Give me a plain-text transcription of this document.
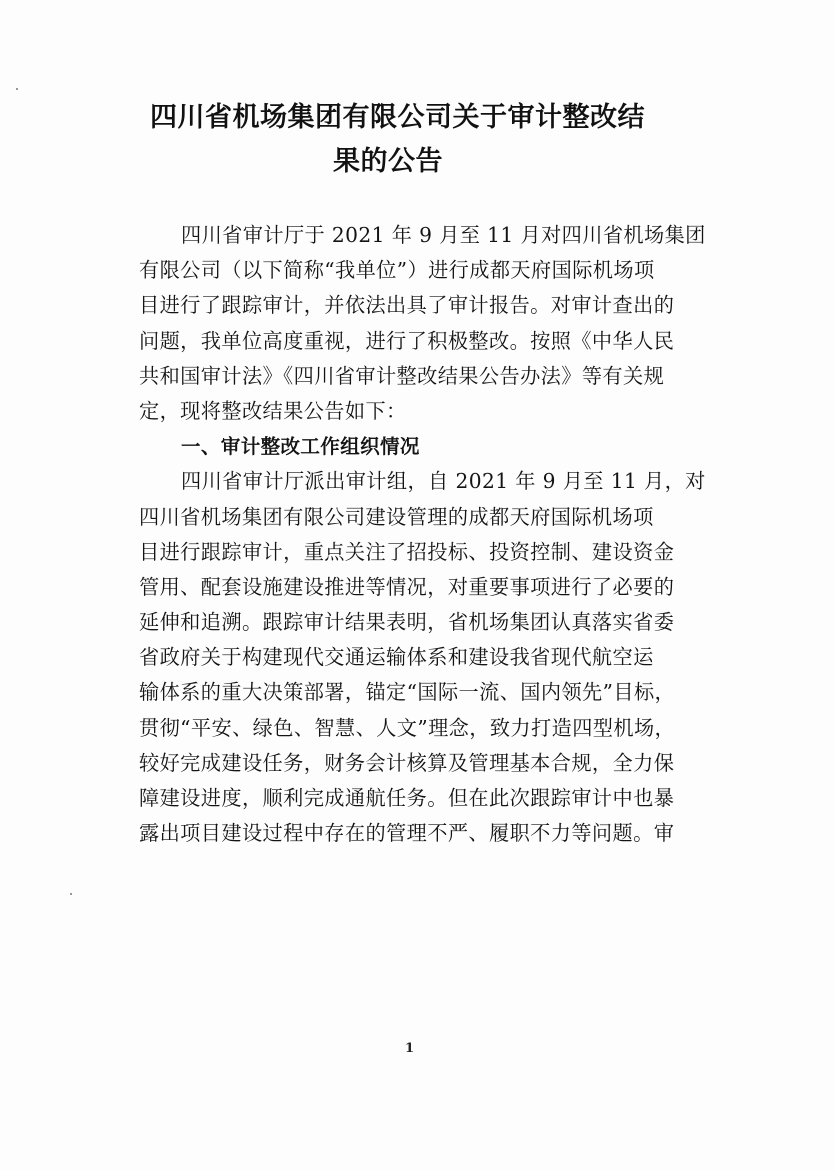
四川省机场集团有限公司关于审计整改结
果的公告
四川省审计厅于 2021 年 9 月至 11 月对四川省机场集团
有限公司（以下简称“我单位”）进行成都天府国际机场项
目进行了跟踪审计，并依法出具了审计报告。对审计查出的
问题，我单位高度重视，进行了积极整改。按照《中华人民
共和国审计法》《四川省审计整改结果公告办法》等有关规
定，现将整改结果公告如下：
一、审计整改工作组织情况
四川省审计厅派出审计组，自 2021 年 9 月至 11 月，对
四川省机场集团有限公司建设管理的成都天府国际机场项
目进行跟踪审计，重点关注了招投标、投资控制、建设资金
管用、配套设施建设推进等情况，对重要事项进行了必要的
延伸和追溯。跟踪审计结果表明，省机场集团认真落实省委
省政府关于构建现代交通运输体系和建设我省现代航空运
输体系的重大决策部署，锚定“国际一流、国内领先”目标，
贯彻“平安、绿色、智慧、人文”理念，致力打造四型机场，
较好完成建设任务，财务会计核算及管理基本合规，全力保
障建设进度，顺利完成通航任务。但在此次跟踪审计中也暴
露出项目建设过程中存在的管理不严、履职不力等问题。审
1
